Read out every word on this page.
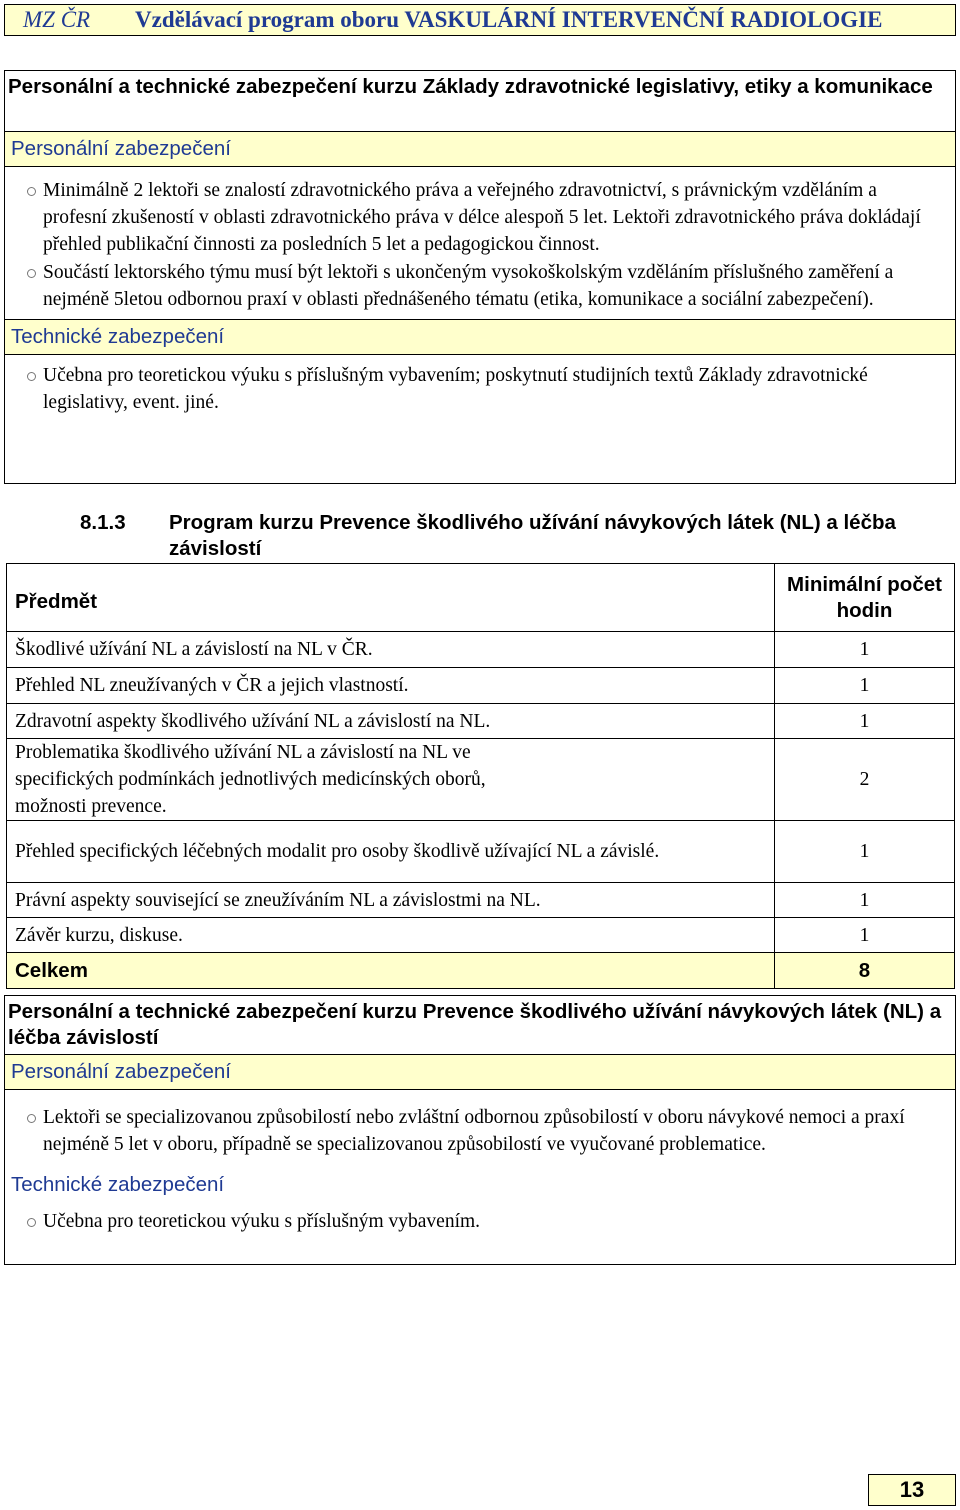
MZ ČR	Vzdělávací program oboru VASKULÁRNÍ INTERVENČNÍ RADIOLOGIE
Personální a technické zabezpečení kurzu Základy zdravotnické legislativy, etiky a komunikace
Personální zabezpečení
Minimálně 2 lektoři se znalostí zdravotnického práva a veřejného zdravotnictví, s právnickým vzděláním a profesní zkušeností v oblasti zdravotnického práva v délce alespoň 5 let. Lektoři zdravotnického práva dokládají přehled publikační činnosti za posledních 5 let a pedagogickou činnost.
Součástí lektorského týmu musí být lektoři s ukončeným vysokoškolským vzděláním příslušného zaměření a nejméně 5letou odbornou praxí v oblasti přednášeného tématu (etika, komunikace a sociální zabezpečení).
Technické zabezpečení
Učebna pro teoretickou výuku s příslušným vybavením; poskytnutí studijních textů Základy zdravotnické legislativy, event. jiné.
8.1.3 Program kurzu Prevence škodlivého užívání návykových látek (NL) a léčba závislostí
Předmět	Minimální počet hodin
Škodlivé užívání NL a závislostí na NL v ČR.	1
Přehled NL zneužívaných v ČR a jejich vlastností.	1
Zdravotní aspekty škodlivého užívání NL a závislostí na NL.	1
Problematika škodlivého užívání NL a závislostí na NL ve specifických podmínkách jednotlivých medicínských oborů, možnosti prevence.	2
Přehled specifických léčebných modalit pro osoby škodlivě užívající NL a závislé.	1
Právní aspekty související se zneužíváním NL a závislostmi na NL.	1
Závěr kurzu, diskuse.	1
Celkem	8
Personální a technické zabezpečení kurzu Prevence škodlivého užívání návykových látek (NL) a léčba závislostí
Personální zabezpečení
Lektoři se specializovanou způsobilostí nebo zvláštní odbornou způsobilostí v oboru návykové nemoci a praxí nejméně 5 let v oboru, případně se specializovanou způsobilostí ve vyučované problematice.
Technické zabezpečení
Učebna pro teoretickou výuku s příslušným vybavením.
13
